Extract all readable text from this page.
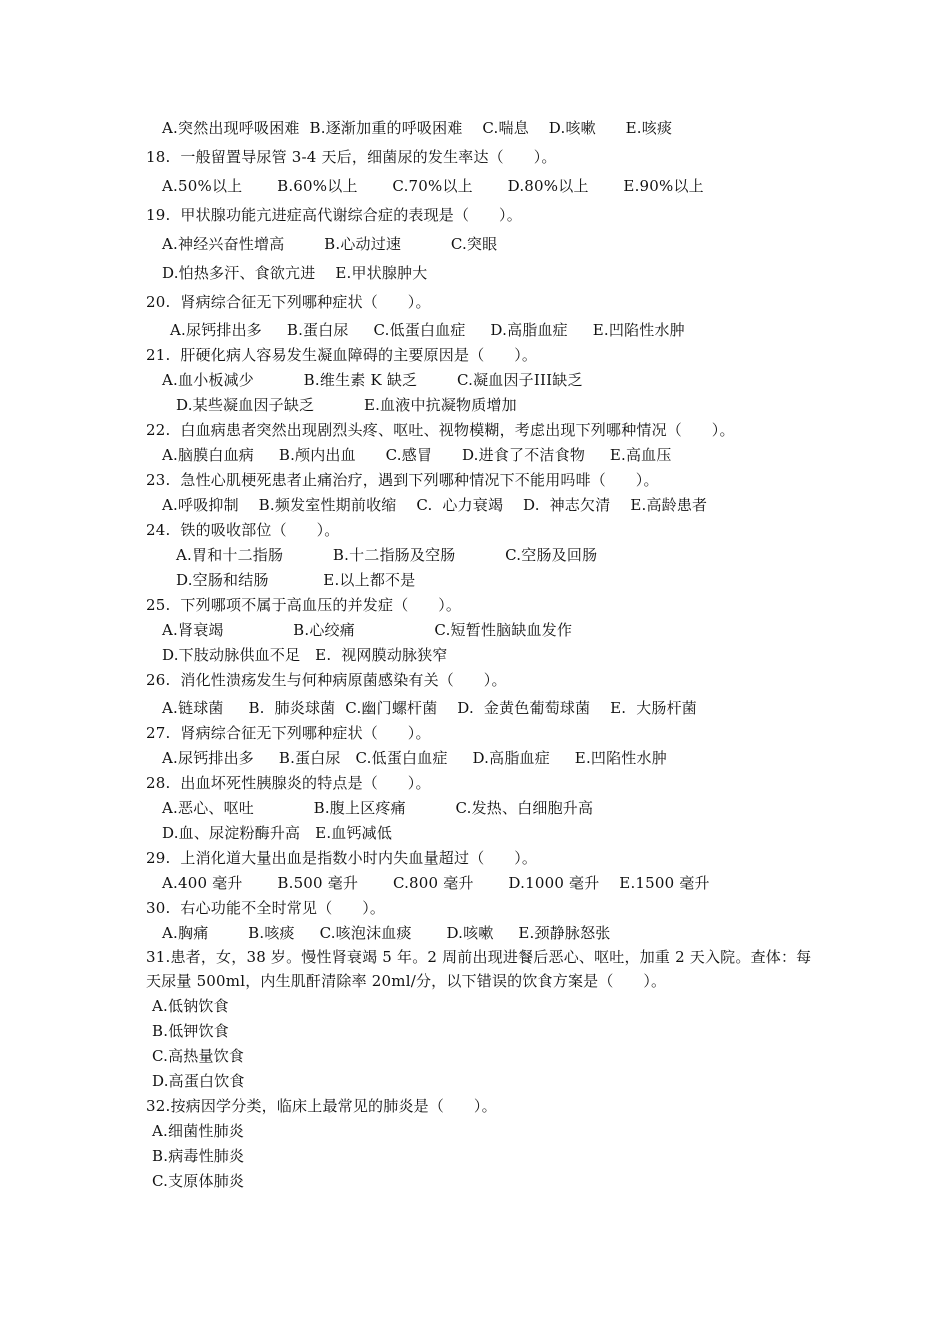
A.突然出现呼吸困难  B.逐渐加重的呼吸困难    C.喘息    D.咳嗽      E.咳痰
18.  一般留置导尿管 3-4 天后，细菌尿的发生率达（      ）。
A.50%以上       B.60%以上       C.70%以上       D.80%以上       E.90%以上
19.  甲状腺功能亢进症高代谢综合症的表现是（      ）。
A.神经兴奋性增高        B.心动过速          C.突眼
D.怕热多汗、食欲亢进    E.甲状腺肿大
20.  肾病综合征无下列哪种症状（      ）。
A.尿钙排出多     B.蛋白尿     C.低蛋白血症     D.高脂血症     E.凹陷性水肿
21.  肝硬化病人容易发生凝血障碍的主要原因是（      ）。
A.血小板减少          B.维生素 K 缺乏        C.凝血因子III缺乏
D.某些凝血因子缺乏          E.血液中抗凝物质增加
22.  白血病患者突然出现剧烈头疼、呕吐、视物模糊，考虑出现下列哪种情况（      ）。
A.脑膜白血病     B.颅内出血      C.感冒      D.进食了不洁食物     E.高血压
23.  急性心肌梗死患者止痛治疗，遇到下列哪种情况下不能用吗啡（      ）。
A.呼吸抑制    B.频发室性期前收缩    C.  心力衰竭    D.  神志欠清    E.高龄患者
24.  铁的吸收部位（      ）。
A.胃和十二指肠          B.十二指肠及空肠          C.空肠及回肠
D.空肠和结肠           E.以上都不是
25.  下列哪项不属于高血压的并发症（      ）。
A.肾衰竭              B.心绞痛                C.短暂性脑缺血发作
D.下肢动脉供血不足   E.  视网膜动脉狭窄
26.  消化性溃疡发生与何种病原菌感染有关（      ）。
A.链球菌     B.  肺炎球菌  C.幽门螺杆菌    D.  金黄色葡萄球菌    E.  大肠杆菌
27.  肾病综合征无下列哪种症状（      ）。
A.尿钙排出多     B.蛋白尿   C.低蛋白血症     D.高脂血症     E.凹陷性水肿
28.  出血坏死性胰腺炎的特点是（      ）。
A.恶心、呕吐            B.腹上区疼痛          C.发热、白细胞升高
D.血、尿淀粉酶升高   E.血钙减低
29.  上消化道大量出血是指数小时内失血量超过（      ）。
A.400 毫升       B.500 毫升       C.800 毫升       D.1000 毫升    E.1500 毫升
30.  右心功能不全时常见（      ）。
A.胸痛        B.咳痰     C.咳泡沫血痰       D.咳嗽     E.颈静脉怒张
31.患者，女，38 岁。慢性肾衰竭 5 年。2 周前出现进餐后恶心、呕吐，加重 2 天入院。查体：每
天尿量 500ml，内生肌酐清除率 20ml/分，以下错误的饮食方案是（      ）。
A.低钠饮食
B.低钾饮食
C.高热量饮食
D.高蛋白饮食
32.按病因学分类，临床上最常见的肺炎是（      ）。
A.细菌性肺炎
B.病毒性肺炎
C.支原体肺炎
